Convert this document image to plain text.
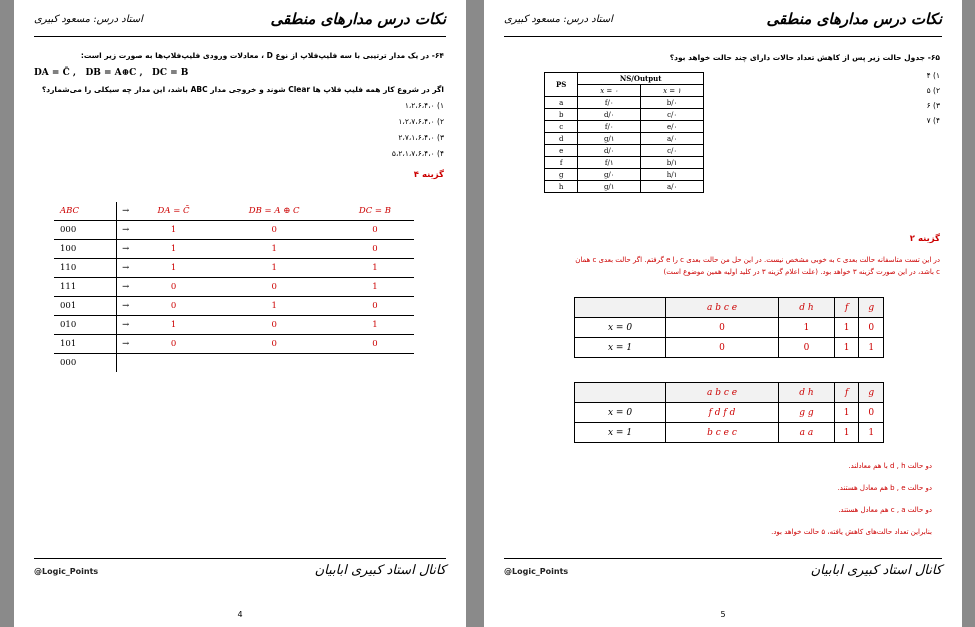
نکات درس مدارهای منطقی
استاد درس: مسعود کبیری
۶۴- در یک مدار ترتیبی با سه فلیپ‌فلاپ از نوع D ، معادلات ورودی فلیپ‌فلاپ‌ها به صورت زیر است:
DA = C̄ , DB = A⊕C , DC = B
اگر در شروع کار همه فلیپ فلاپ ها Clear شوند و خروجی مدار ABC باشد، این مدار چه سیکلی را می‌شمارد؟
۱) ۱،۲،۶،۴،۰
۲) ۱،۲،۷،۶،۴،۰
۳) ۲،۷،۱،۶،۴،۰
۴) ۵،۲،۱،۷،۶،۴،۰
گزینه ۴
ABC	→	DA = C̄	DB = A ⊕ C	DC = B
000	→	1	0	0
100	→	1	1	0
110	→	1	1	1
111	→	0	0	1
001	→	0	1	0
010	→	1	0	1
101	→	0	0	0
000				
@Logic_Points	کانال استاد کبیری ابابیان
4
نکات درس مدارهای منطقی
استاد درس: مسعود کبیری
۶۵- جدول حالت زیر پس از کاهش تعداد حالات دارای چند حالت خواهد بود؟
۱) ۴
۲) ۵
۳) ۶
۴) ۷
PS	NS/Output	
	x = ۰	x = ۱
a	f/۰	b/۰
b	d/۰	c/۰
c	f/۰	e/۰
d	g/۱	a/۰
e	d/۰	c/۰
f	f/۱	b/۱
g	g/۰	h/۱
h	g/۱	a/۰
گزینه ۲
در این تست متاسفانه حالت بعدی c به خوبی مشخص نیست. در این حل من حالت بعدی c را e گرفتم. اگر حالت بعدی c همان
c باشد، در این صورت گزینه ۳ خواهد بود. (علت اعلام گزینه ۳ در کلید اولیه همین موضوع است)
	a b c e	d h	f	g
x = 0	0	1	1	0
x = 1	0	0	1	1
	a b c e	d h	f	g
x = 0	f d f d	g g	1	0
x = 1	b c e c	a a	1	1
دو حالت d , h با هم معادلند.
دو حالت b , e هم معادل هستند.
دو حالت c , a هم معادل هستند.
بنابراین تعداد حالت‌های کاهش یافته، ۵ حالت خواهد بود.
@Logic_Points	کانال استاد کبیری ابابیان
5
